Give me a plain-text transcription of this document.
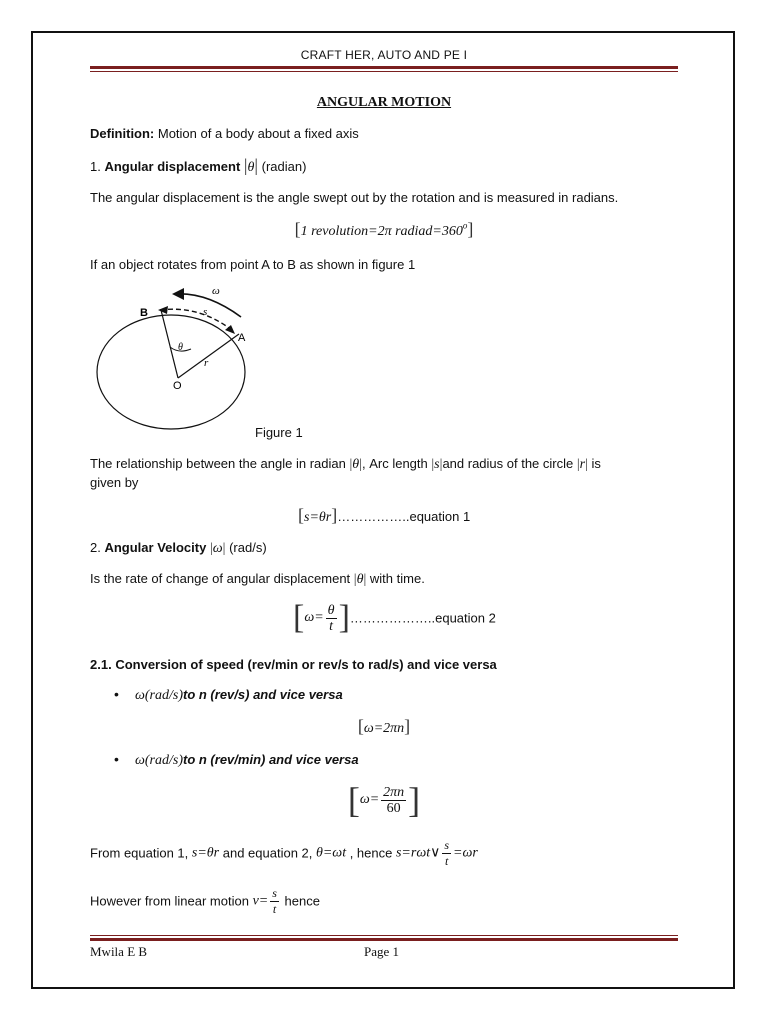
CRAFT HER, AUTO AND PE I
ANGULAR MOTION
Definition: Motion of a body about a fixed axis
1. Angular displacement |θ| (radian)
The angular displacement is the angle swept out by the rotation and is measured in radians.
[1 revolution=2π $radiad=360^o$]
If an object rotates from point A to B as shown in figure 1
B
A
O
s
r
θ
ω
Figure 1
The relationship between the angle in radian |θ|, Arc length |s|and radius of the circle |r| is
given by
[s=θr]……………..equation 1
2. Angular Velocity |ω| (rad/s)
Is the rate of change of angular displacement |θ| with time.
[$\omega= \frac{\theta}{t}$ ]………………..equation 2
2.1. Conversion of speed (rev/min or rev/s to rad/s) and vice versa
• ω(rad/s)to n (rev/s) and vice versa
[ω=2πn]
• ω(rad/s)to n (rev/min) and vice versa
[$\omega= \frac{2\pi n}{60}$ ]
From equation 1, s=θr and equation 2, θ=ωt , hence s=rωt∨ $\frac{s}{t} =\omega r$
However from linear motion $v= \frac{s}{t}$ hence
Mwila E B	Page 1
